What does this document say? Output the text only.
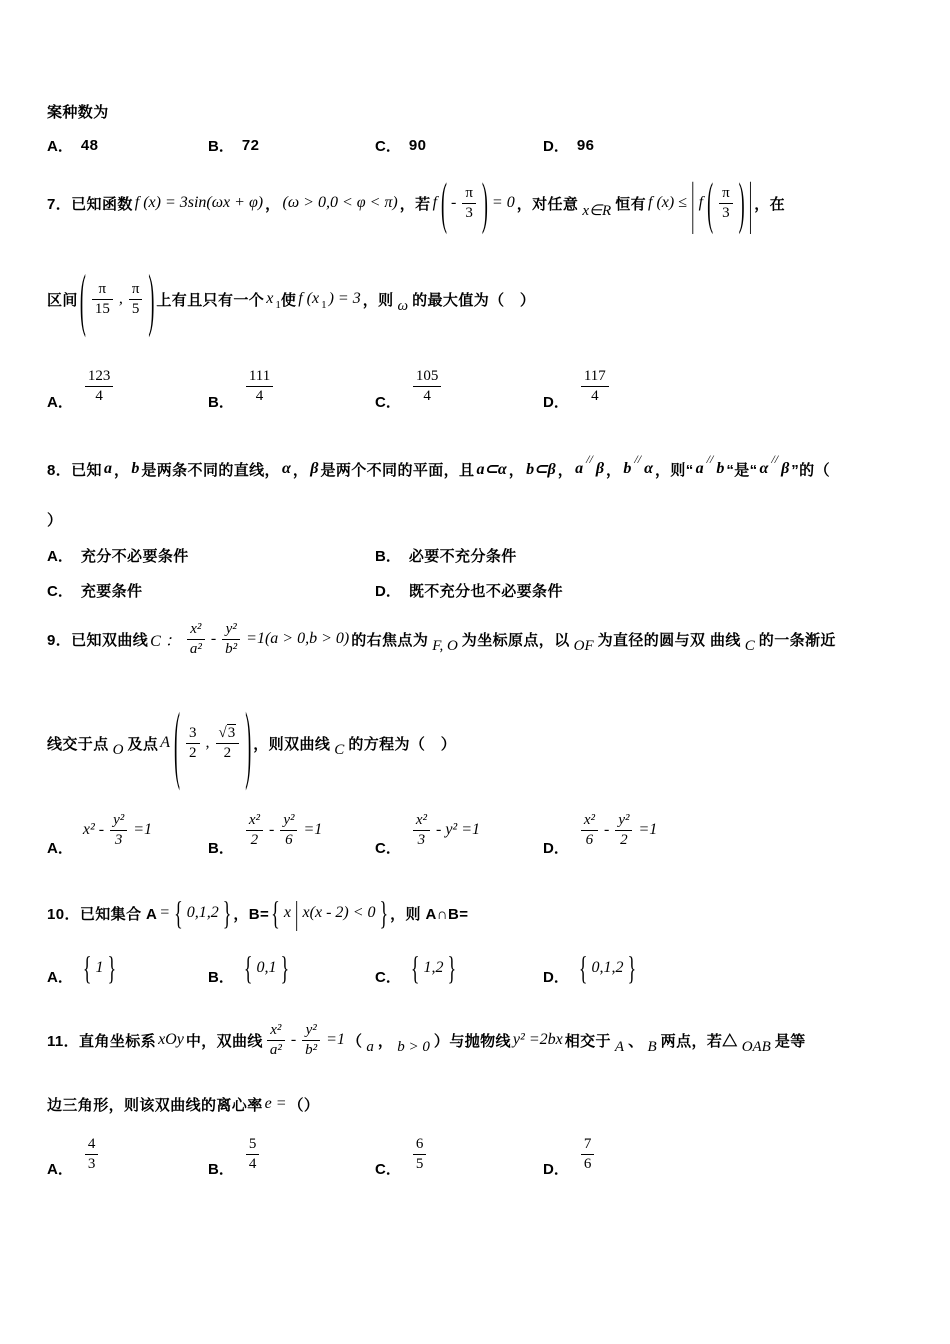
案种数为
A． 48	B． 72	C． 90	D． 96
7．已知函数 f (x) = 3sin(ωx + φ) ， (ω > 0,0 < φ < π) ，若 f ( - $\frac{\pi}{3}$ ) = 0 ，对任意 x∈R 恒有 f (x) ≤ | f ( $\frac{\pi}{3}$ ) | ，在
区间 ( $\frac{\pi}{15}$ , $\frac{\pi}{5}$ ) 上有且只有一个 x 1 使 f (x 1 ) = 3 ，则 ω 的最大值为（　）
A． $\frac{123}{4}$	B． $\frac{111}{4}$	C． $\frac{105}{4}$	D． $\frac{117}{4}$
8．已知 a ， b 是两条不同的直线， α ， β 是两个不同的平面，且 a⊂α ， b⊂β ， a
//
β ， b
//
α ，则“ a
//
b “是“ α
//
β ”的（
）
A． 充分不必要条件	B． 必要不充分条件
C． 充要条件	D． 既不充分也不必要条件
9．已知双曲线 C ： $\frac{\text{x²}}{\text{a²}} - \frac{\text{y²}}{\text{b²}} =1(a > 0,b > 0)$ 的右焦点为 F, O 为坐标原点，以 OF 为直径的圆与双 曲线 C 的一条渐近
线交于点 O 及点 A ( $\frac{3}{2}$ , $\frac{√3}{2}$ ) ，则双曲线 C 的方程为（　）
A．
$x^2 - \frac{\text{y²}}{3} =1$
B． $\frac{\text{x²}}{2} - \frac{\text{y²}}{6} =1$
C． $\frac{\text{x²}}{3} - y^2 =1$
D． $\frac{\text{x²}}{6} - \frac{\text{y²}}{2} =1$
10．已知集合 A = { 0,1,2 } ，B= { x | x(x - 2) < 0 } ，则 A∩B=
A． { 1 }	B． { 0,1 }	C． { 1,2 }	D． { 0,1,2 }
11．直角坐标系 xOy 中，双曲线 $\frac{\text{x²}}{\text{a²}} - \frac{\text{y²}}{\text{b²}} =1$ （ a ， b > 0 ） 与抛物线 y² =2bx 相交于 A 、 B 两点，若△ OAB 是等
边三角形，则该双曲线的离心率 e = （）
A． $\frac{4}{3}$	B． $\frac{5}{4}$	C． $\frac{6}{5}$	D． $\frac{7}{6}$
